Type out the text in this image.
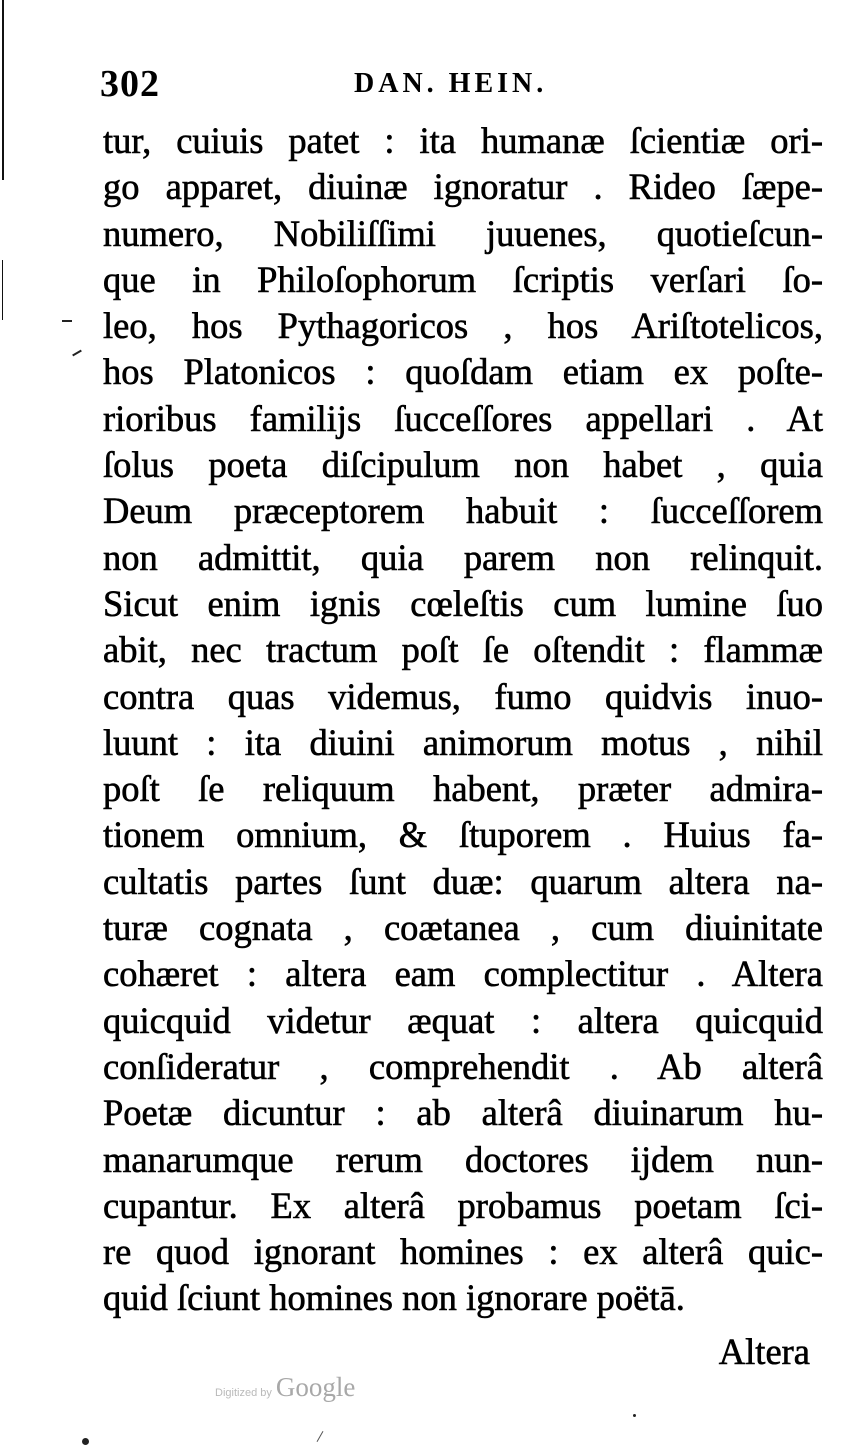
302	DAN. HEIN.
tur, cuiuis patet : ita humanæ ſcientiæ ori-
go apparet, diuinæ ignoratur . Rideo ſæpe-
numero, Nobiliſſimi juuenes, quotieſcun-
que in Philoſophorum ſcriptis verſari ſo-
leo, hos Pythagoricos , hos Ariſtotelicos,
hos Platonicos : quoſdam etiam ex poſte-
rioribus familijs ſucceſſores appellari . At
ſolus poeta diſcipulum non habet , quia
Deum præceptorem habuit : ſucceſſorem
non admittit, quia parem non relinquit.
Sicut enim ignis cœleſtis cum lumine ſuo
abit, nec tractum poſt ſe oſtendit : flammæ
contra quas videmus, fumo quidvis inuo-
luunt : ita diuini animorum motus , nihil
poſt ſe reliquum habent, præter admira-
tionem omnium, & ſtuporem . Huius fa-
cultatis partes ſunt duæ: quarum altera na-
turæ cognata , coætanea , cum diuinitate
cohæret : altera eam complectitur . Altera
quicquid videtur æquat : altera quicquid
conſideratur , comprehendit . Ab alterâ
Poetæ dicuntur : ab alterâ diuinarum hu-
manarumque rerum doctores ijdem nun-
cupantur. Ex alterâ probamus poetam ſci-
re quod ignorant homines : ex alterâ quic-
quid ſciunt homines non ignorare poëtā.
Altera
Digitized by Google
